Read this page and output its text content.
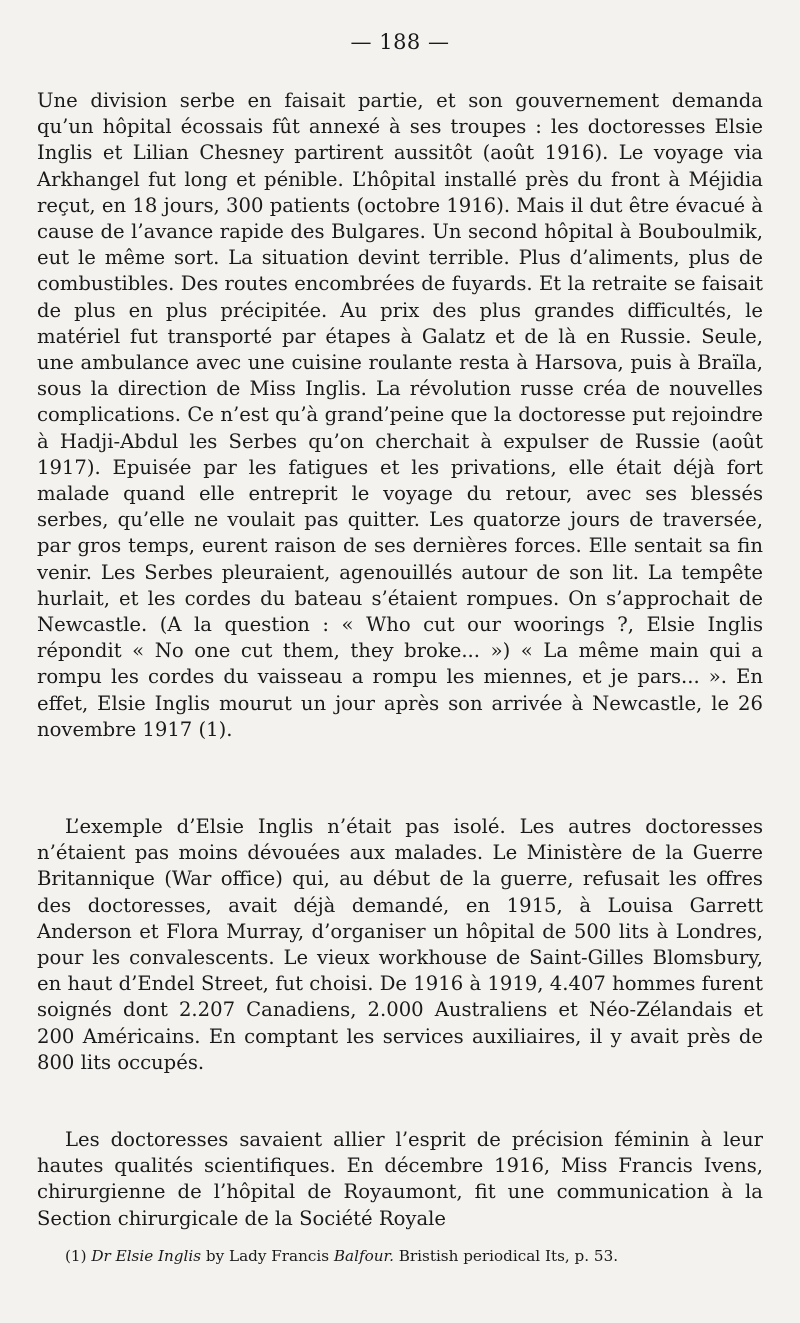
— 188 —

Une division serbe en faisait partie, et son gouvernement demanda qu’un hôpital écossais fût annexé à ses troupes : les doctoresses Elsie Inglis et Lilian Chesney partirent aussitôt (août 1916). Le voyage via Arkhangel fut long et pénible. L’hôpital installé près du front à Méjidia reçut, en 18 jours, 300 patients (octobre 1916). Mais il dut être évacué à cause de l’avance rapide des Bulgares. Un second hôpital à Bouboulmik, eut le même sort. La situation devint terrible. Plus d’aliments, plus de combustibles. Des routes encombrées de fuyards. Et la retraite se faisait de plus en plus précipitée. Au prix des plus grandes difficultés, le matériel fut transporté par étapes à Galatz et de là en Russie. Seule, une ambulance avec une cuisine roulante resta à Harsova, puis à Braïla, sous la direction de Miss Inglis. La révolution russe créa de nouvelles complications. Ce n’est qu’à grand’peine que la doctoresse put rejoindre à Hadji-Abdul les Serbes qu’on cherchait à expulser de Russie (août 1917). Epuisée par les fatigues et les privations, elle était déjà fort malade quand elle entreprit le voyage du retour, avec ses blessés serbes, qu’elle ne voulait pas quitter. Les quatorze jours de traversée, par gros temps, eurent raison de ses dernières forces. Elle sentait sa fin venir. Les Serbes pleuraient, agenouillés autour de son lit. La tempête hurlait, et les cordes du bateau s’étaient rompues. On s’approchait de Newcastle. (A la question : « Who cut our woorings ?, Elsie Inglis répondit « No one cut them, they broke... ») « La même main qui a rompu les cordes du vaisseau a rompu les miennes, et je pars... ». En effet, Elsie Inglis mourut un jour après son arrivée à Newcastle, le 26 novembre 1917 (1).

L’exemple d’Elsie Inglis n’était pas isolé. Les autres doctoresses n’étaient pas moins dévouées aux malades. Le Ministère de la Guerre Britannique (War office) qui, au début de la guerre, refusait les offres des doctoresses, avait déjà demandé, en 1915, à Louisa Garrett Anderson et Flora Murray, d’organiser un hôpital de 500 lits à Londres, pour les convalescents. Le vieux workhouse de Saint-Gilles Blomsbury, en haut d’Endel Street, fut choisi. De 1916 à 1919, 4.407 hommes furent soignés dont 2.207 Canadiens, 2.000 Australiens et Néo-Zélandais et 200 Américains. En comptant les services auxiliaires, il y avait près de 800 lits occupés.

Les doctoresses savaient allier l’esprit de précision féminin à leur hautes qualités scientifiques. En décembre 1916, Miss Francis Ivens, chirurgienne de l’hôpital de Royaumont, fit une communication à la Section chirurgicale de la Société Royale

(1) Dr Elsie Inglis by Lady Francis Balfour. Bristish periodical Its, p. 53.
